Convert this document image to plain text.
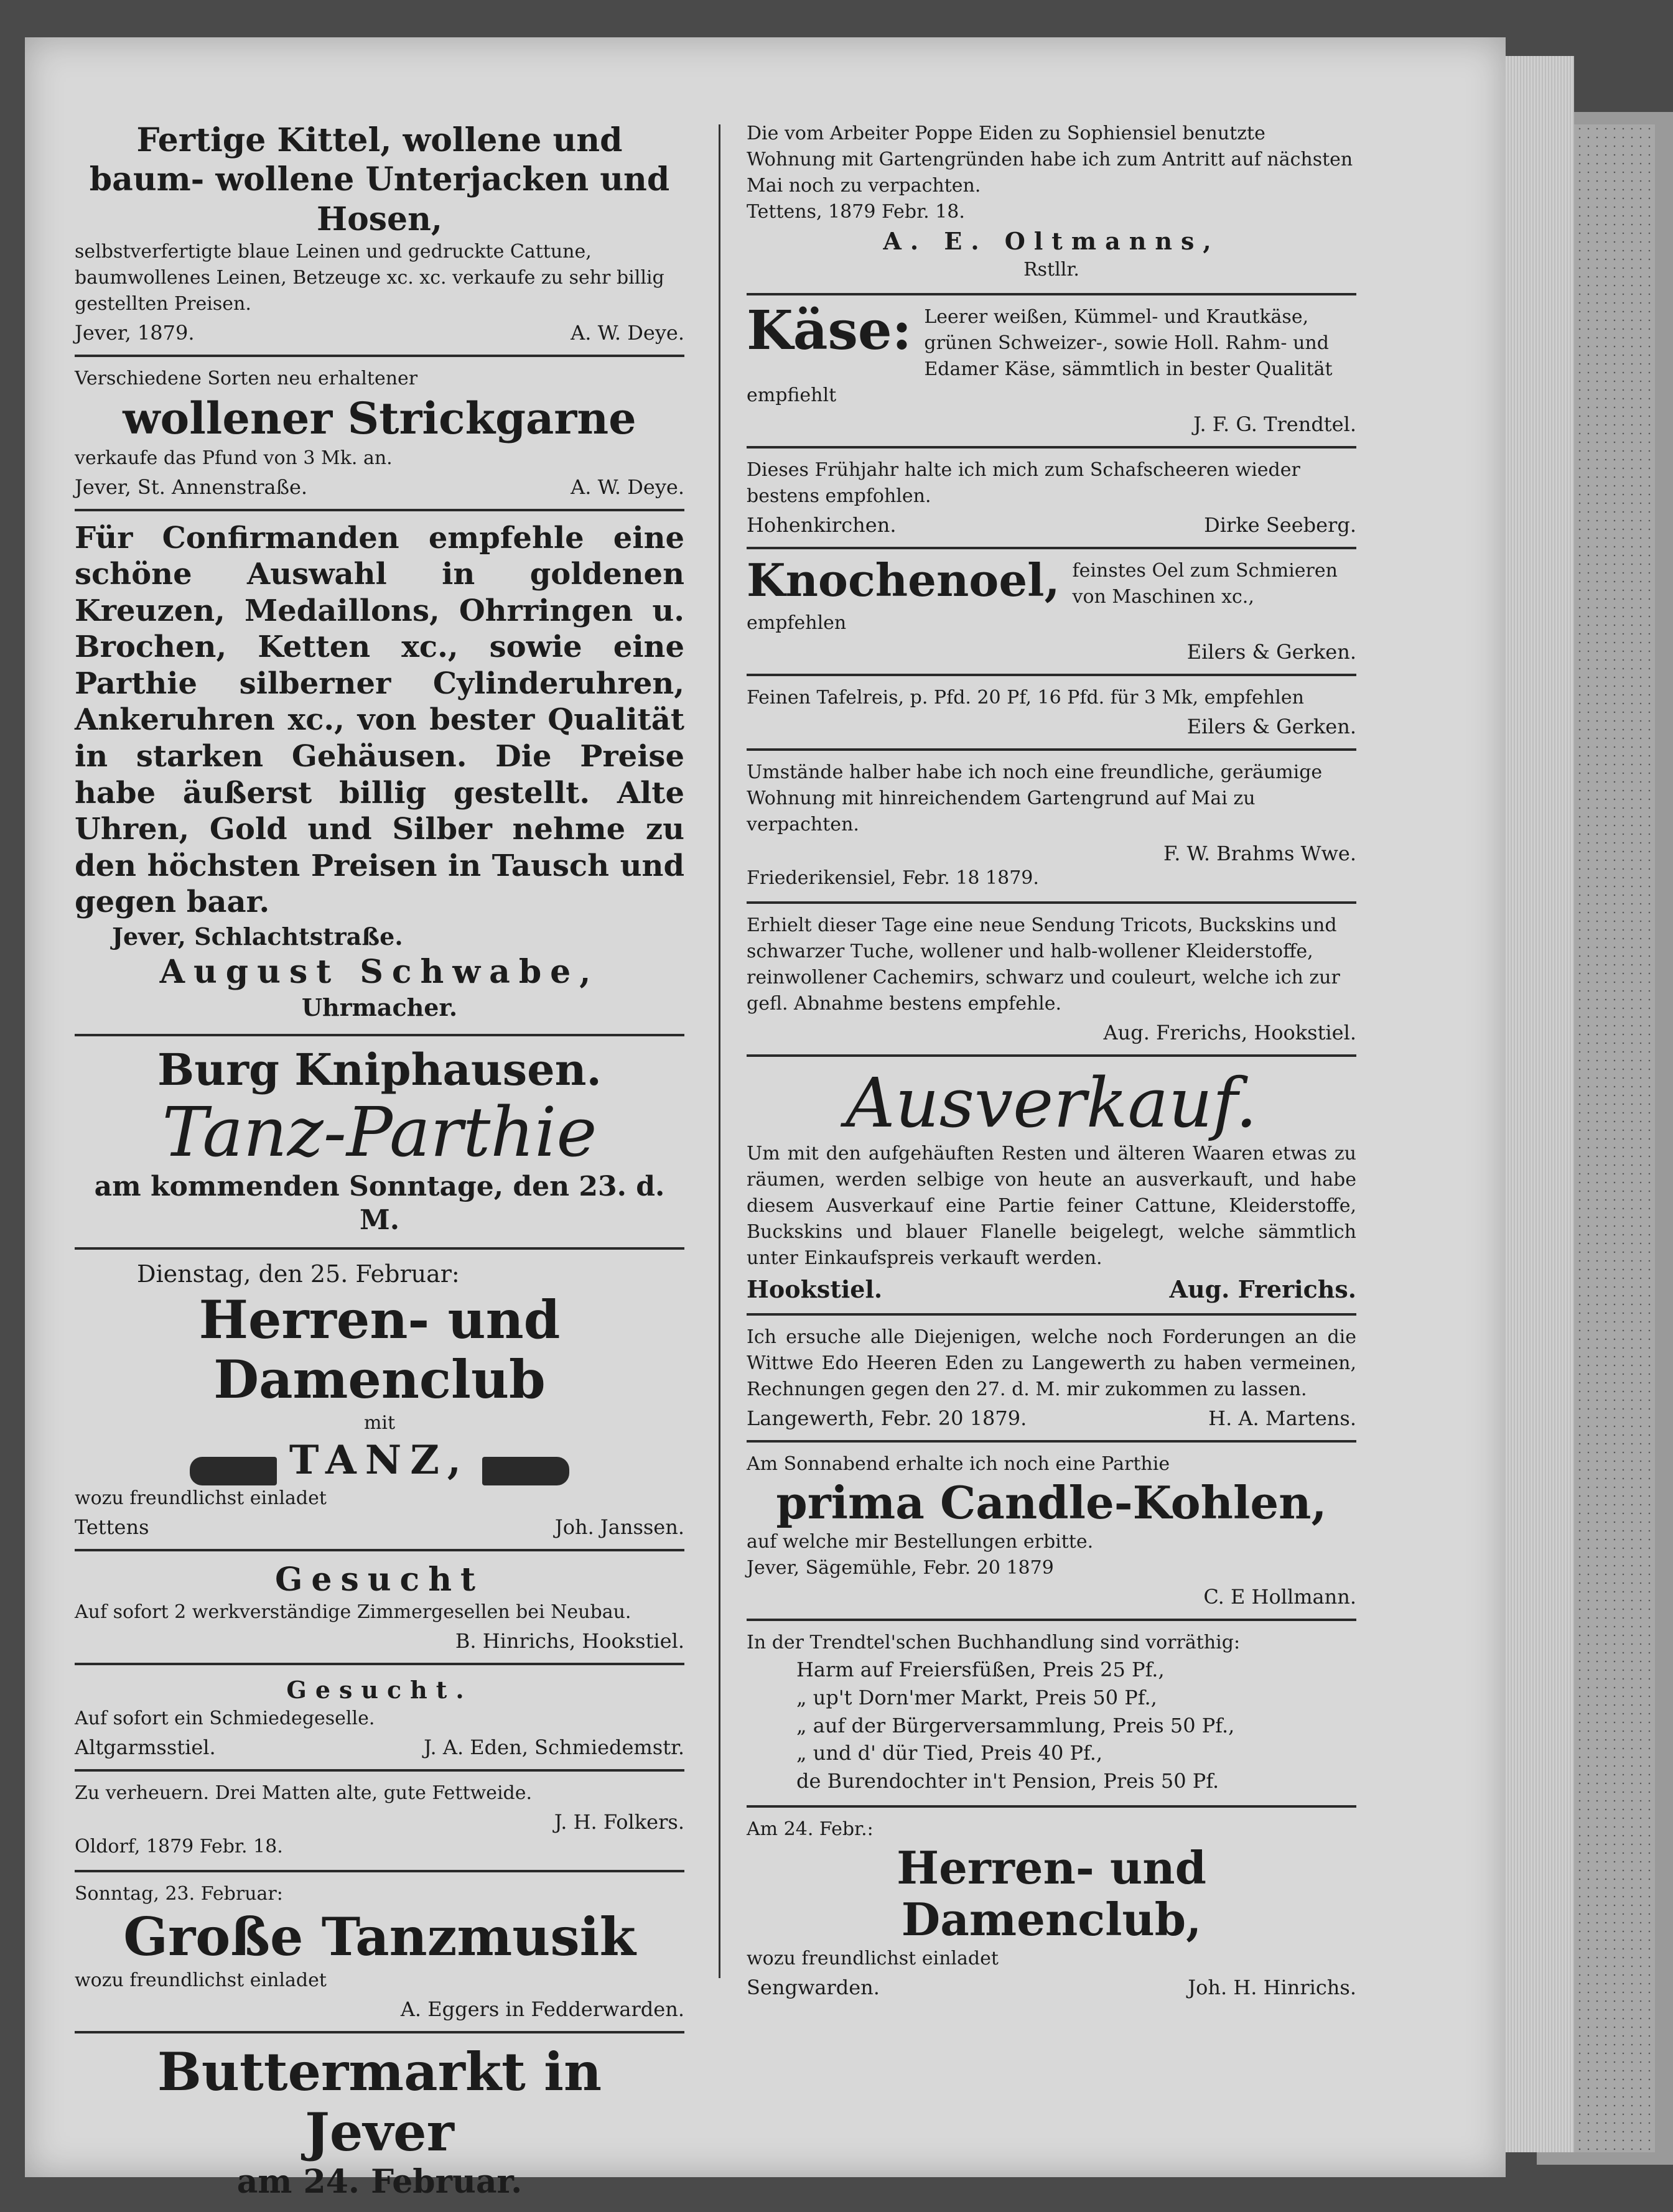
Fertige Kittel, wollene und baum- wollene Unterjacken und Hosen,

selbstverfertigte blaue Leinen und gedruckte Cattune, baumwollenes Leinen, Betzeuge xc. xc. verkaufe zu sehr billig gestellten Preisen.

Jever, 1879.	A. W. Deye.

Verschiedene Sorten neu erhaltener

wollener Strickgarne

verkaufe das Pfund von 3 Mk. an.

Jever, St. Annenstraße.	A. W. Deye.

Für Confirmanden empfehle eine schöne Auswahl in goldenen Kreuzen, Medaillons, Ohrringen u. Brochen, Ketten xc., sowie eine Parthie silberner Cylinderuhren, Ankeruhren xc., von bester Qualität in starken Gehäusen. Die Preise habe äußerst billig gestellt. Alte Uhren, Gold und Silber nehme zu den höchsten Preisen in Tausch und gegen baar.

Jever, Schlachtstraße.

August Schwabe,

Uhrmacher.

Burg Kniphausen.

Tanz-Parthie

am kommenden Sonntage, den 23. d. M.

Dienstag, den 25. Februar:

Herren- und Damenclub

mit

TANZ,

wozu freundlichst einladet

Tettens	Joh. Janssen.

Gesucht

Auf sofort 2 werkverständige Zimmergesellen bei Neubau.

B. Hinrichs, Hookstiel.

Gesucht.

Auf sofort ein Schmiedegeselle.

Altgarmsstiel.	J. A. Eden, Schmiedemstr.

Zu verheuern. Drei Matten alte, gute Fettweide.

J. H. Folkers.

Oldorf, 1879 Febr. 18.

Sonntag, 23. Februar:

Große Tanzmusik

wozu freundlichst einladet

A. Eggers in Fedderwarden.

Buttermarkt in Jever

am 24. Februar.

Die vom Arbeiter Poppe Eiden zu Sophiensiel benutzte Wohnung mit Gartengründen habe ich zum Antritt auf nächsten Mai noch zu verpachten.

Tettens, 1879 Febr. 18.

A. E. Oltmanns,

Rstllr.

Käse: Leerer weißen, Kümmel- und Krautkäse, grünen Schweizer-, sowie Holl. Rahm- und Edamer Käse, sämmtlich in bester Qualität empfiehlt

J. F. G. Trendtel.

Dieses Frühjahr halte ich mich zum Schafscheeren wieder bestens empfohlen.

Hohenkirchen.	Dirke Seeberg.
Knochenoel, feinstes Oel zum Schmieren von Maschinen xc., empfehlen

Eilers & Gerken.

Feinen Tafelreis, p. Pfd. 20 Pf, 16 Pfd. für 3 Mk, empfehlen

Eilers & Gerken.

Umstände halber habe ich noch eine freundliche, geräumige Wohnung mit hinreichendem Gartengrund auf Mai zu verpachten.

F. W. Brahms Wwe.

Friederikensiel, Febr. 18 1879.

Erhielt dieser Tage eine neue Sendung Tricots, Buckskins und schwarzer Tuche, wollener und halb-wollener Kleiderstoffe, reinwollener Cachemirs, schwarz und couleurt, welche ich zur gefl. Abnahme bestens empfehle.

Aug. Frerichs, Hookstiel.

Ausverkauf.

Um mit den aufgehäuften Resten und älteren Waaren etwas zu räumen, werden selbige von heute an ausverkauft, und habe diesem Ausverkauf eine Partie feiner Cattune, Kleiderstoffe, Buckskins und blauer Flanelle beigelegt, welche sämmtlich unter Einkaufspreis verkauft werden.

Hookstiel.	Aug. Frerichs.

Ich ersuche alle Diejenigen, welche noch Forderungen an die Wittwe Edo Heeren Eden zu Langewerth zu haben vermeinen, Rechnungen gegen den 27. d. M. mir zukommen zu lassen.

Langewerth, Febr. 20 1879.	H. A. Martens.

Am Sonnabend erhalte ich noch eine Parthie

prima Candle-Kohlen,

auf welche mir Bestellungen erbitte.

Jever, Sägemühle, Febr. 20 1879

C. E Hollmann.

In der Trendtel'schen Buchhandlung sind vorräthig:

Harm auf Freiersfüßen, Preis 25 Pf.,
„ up't Dorn'mer Markt, Preis 50 Pf.,
„ auf der Bürgerversammlung, Preis 50 Pf.,
„ und d' dür Tied, Preis 40 Pf.,
de Burendochter in't Pension, Preis 50 Pf.

Am 24. Febr.:

Herren- und Damenclub,

wozu freundlichst einladet

Sengwarden.	Joh. H. Hinrichs.
